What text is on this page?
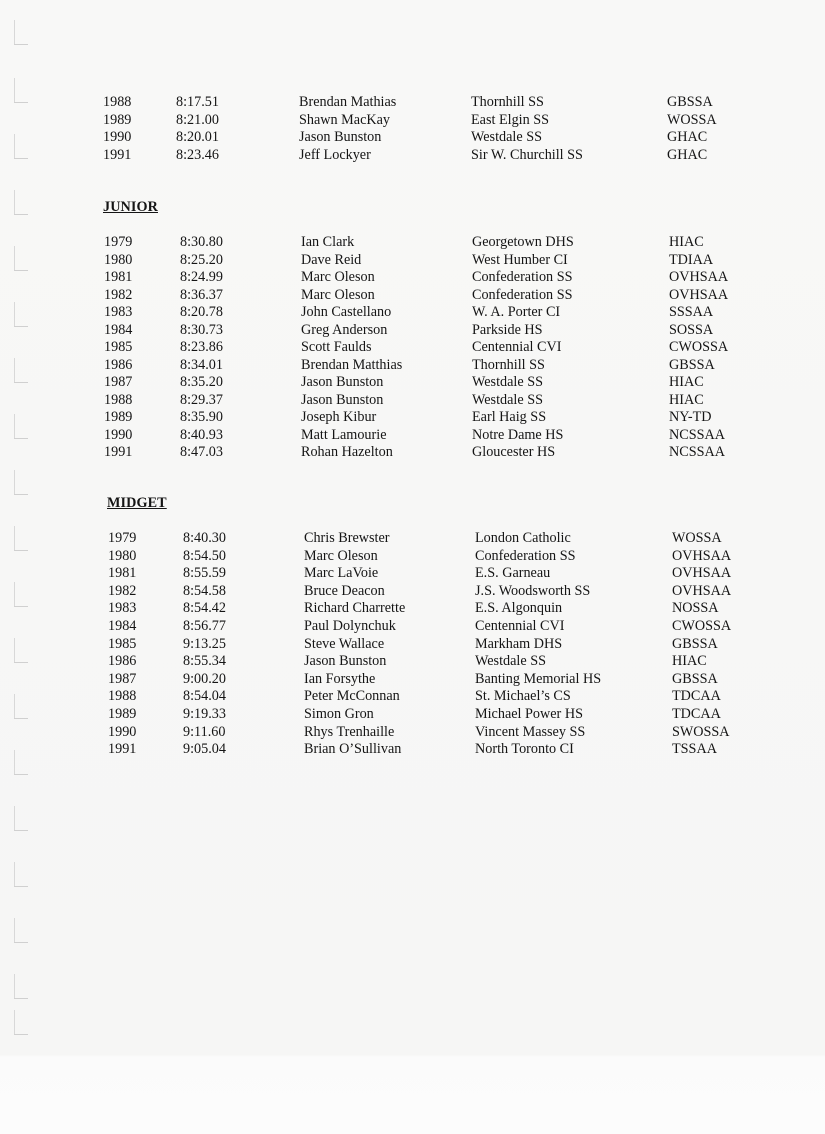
1988	8:17.51	Brendan Mathias	Thornhill SS	GBSSA
1989	8:21.00	Shawn MacKay	East Elgin SS	WOSSA
1990	8:20.01	Jason Bunston	Westdale SS	GHAC
1991	8:23.46	Jeff Lockyer	Sir W. Churchill SS	GHAC
JUNIOR
1979	8:30.80	Ian Clark	Georgetown DHS	HIAC
1980	8:25.20	Dave Reid	West Humber CI	TDIAA
1981	8:24.99	Marc Oleson	Confederation SS	OVHSAA
1982	8:36.37	Marc Oleson	Confederation SS	OVHSAA
1983	8:20.78	John Castellano	W. A. Porter CI	SSSAA
1984	8:30.73	Greg Anderson	Parkside HS	SOSSA
1985	8:23.86	Scott Faulds	Centennial CVI	CWOSSA
1986	8:34.01	Brendan Matthias	Thornhill SS	GBSSA
1987	8:35.20	Jason Bunston	Westdale SS	HIAC
1988	8:29.37	Jason Bunston	Westdale SS	HIAC
1989	8:35.90	Joseph Kibur	Earl Haig SS	NY-TD
1990	8:40.93	Matt Lamourie	Notre Dame HS	NCSSAA
1991	8:47.03	Rohan Hazelton	Gloucester HS	NCSSAA
MIDGET
1979	8:40.30	Chris Brewster	London Catholic	WOSSA
1980	8:54.50	Marc Oleson	Confederation SS	OVHSAA
1981	8:55.59	Marc LaVoie	E.S. Garneau	OVHSAA
1982	8:54.58	Bruce Deacon	J.S. Woodsworth SS	OVHSAA
1983	8:54.42	Richard Charrette	E.S. Algonquin	NOSSA
1984	8:56.77	Paul Dolynchuk	Centennial CVI	CWOSSA
1985	9:13.25	Steve Wallace	Markham DHS	GBSSA
1986	8:55.34	Jason Bunston	Westdale SS	HIAC
1987	9:00.20	Ian Forsythe	Banting Memorial HS	GBSSA
1988	8:54.04	Peter McConnan	St. Michael’s CS	TDCAA
1989	9:19.33	Simon Gron	Michael Power HS	TDCAA
1990	9:11.60	Rhys Trenhaille	Vincent Massey SS	SWOSSA
1991	9:05.04	Brian O’Sullivan	North Toronto CI	TSSAA
